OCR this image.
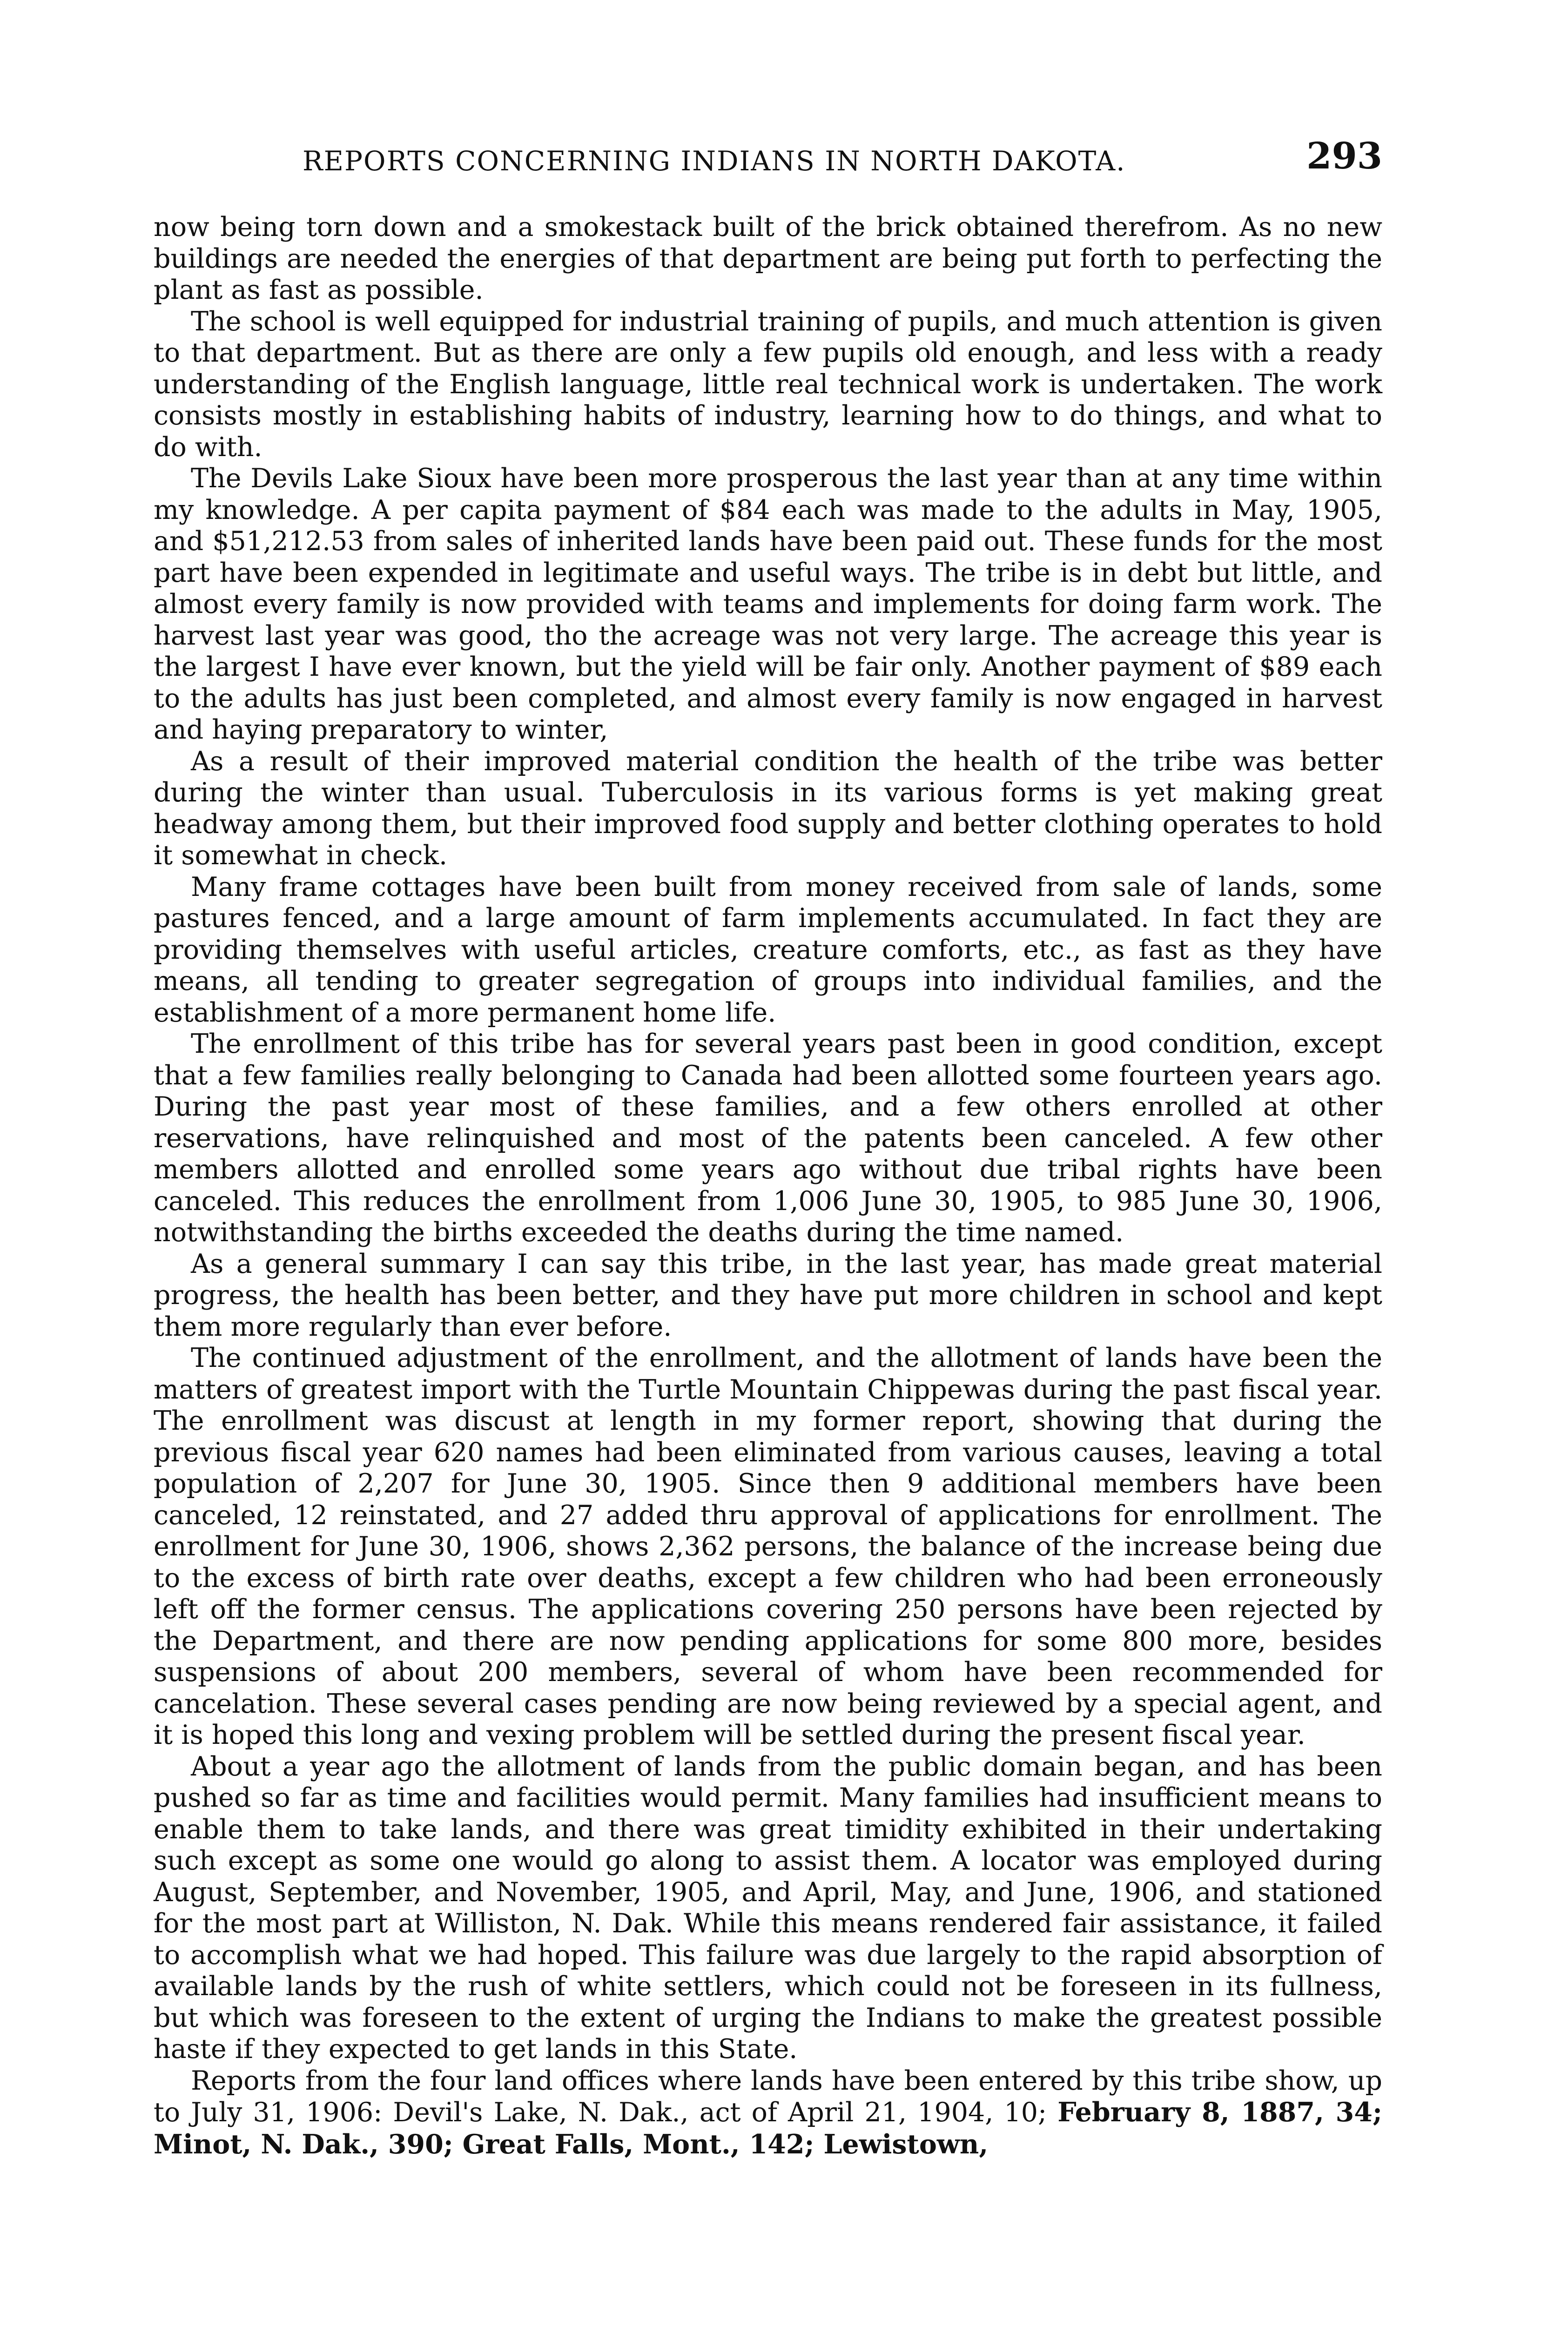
REPORTS CONCERNING INDIANS IN NORTH DAKOTA.	293

now being torn down and a smokestack built of the brick obtained therefrom. As no new buildings are needed the energies of that department are being put forth to perfecting the plant as fast as possible.

The school is well equipped for industrial training of pupils, and much attention is given to that department. But as there are only a few pupils old enough, and less with a ready understanding of the English language, little real technical work is undertaken. The work consists mostly in establishing habits of industry, learning how to do things, and what to do with.

The Devils Lake Sioux have been more prosperous the last year than at any time within my knowledge. A per capita payment of $84 each was made to the adults in May, 1905, and $51,212.53 from sales of inherited lands have been paid out. These funds for the most part have been expended in legitimate and useful ways. The tribe is in debt but little, and almost every family is now provided with teams and implements for doing farm work. The harvest last year was good, tho the acreage was not very large. The acreage this year is the largest I have ever known, but the yield will be fair only. Another payment of $89 each to the adults has just been completed, and almost every family is now engaged in harvest and haying preparatory to winter,

As a result of their improved material condition the health of the tribe was better during the winter than usual. Tuberculosis in its various forms is yet making great headway among them, but their improved food supply and better clothing operates to hold it somewhat in check.

Many frame cottages have been built from money received from sale of lands, some pastures fenced, and a large amount of farm implements accumulated. In fact they are providing themselves with useful articles, creature comforts, etc., as fast as they have means, all tending to greater segregation of groups into individual families, and the establishment of a more permanent home life.

The enrollment of this tribe has for several years past been in good condition, except that a few families really belonging to Canada had been allotted some fourteen years ago. During the past year most of these families, and a few others enrolled at other reservations, have relinquished and most of the patents been canceled. A few other members allotted and enrolled some years ago without due tribal rights have been canceled. This reduces the enrollment from 1,006 June 30, 1905, to 985 June 30, 1906, notwithstanding the births exceeded the deaths during the time named.

As a general summary I can say this tribe, in the last year, has made great material progress, the health has been better, and they have put more children in school and kept them more regularly than ever before.

The continued adjustment of the enrollment, and the allotment of lands have been the matters of greatest import with the Turtle Mountain Chippewas during the past fiscal year. The enrollment was discust at length in my former report, showing that during the previous fiscal year 620 names had been eliminated from various causes, leaving a total population of 2,207 for June 30, 1905. Since then 9 additional members have been canceled, 12 reinstated, and 27 added thru approval of applications for enrollment. The enrollment for June 30, 1906, shows 2,362 persons, the balance of the increase being due to the excess of birth rate over deaths, except a few children who had been erroneously left off the former census. The applications covering 250 persons have been rejected by the Department, and there are now pending applications for some 800 more, besides suspensions of about 200 members, several of whom have been recommended for cancelation. These several cases pending are now being reviewed by a special agent, and it is hoped this long and vexing problem will be settled during the present fiscal year.

About a year ago the allotment of lands from the public domain began, and has been pushed so far as time and facilities would permit. Many families had insufficient means to enable them to take lands, and there was great timidity exhibited in their undertaking such except as some one would go along to assist them. A locator was employed during August, September, and November, 1905, and April, May, and June, 1906, and stationed for the most part at Williston, N. Dak. While this means rendered fair assistance, it failed to accomplish what we had hoped. This failure was due largely to the rapid absorption of available lands by the rush of white settlers, which could not be foreseen in its fullness, but which was foreseen to the extent of urging the Indians to make the greatest possible haste if they expected to get lands in this State.

Reports from the four land offices where lands have been entered by this tribe show, up to July 31, 1906: Devil's Lake, N. Dak., act of April 21, 1904, 10; February 8, 1887, 34; Minot, N. Dak., 390; Great Falls, Mont., 142; Lewistown,
